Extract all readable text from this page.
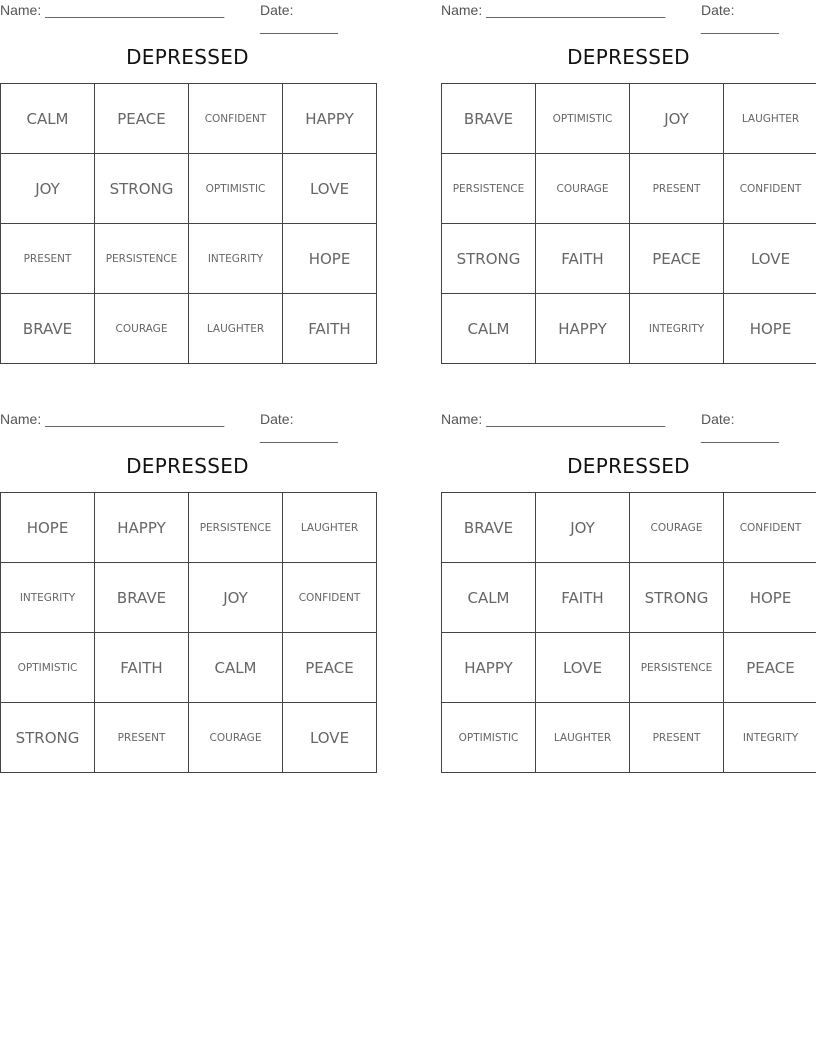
Name: _______________________	Date: __________
DEPRESSED
CALM	PEACE	CONFIDENT	HAPPY
JOY	STRONG	OPTIMISTIC	LOVE
PRESENT	PERSISTENCE	INTEGRITY	HOPE
BRAVE	COURAGE	LAUGHTER	FAITH
Name: _______________________	Date: __________
DEPRESSED
BRAVE	OPTIMISTIC	JOY	LAUGHTER
PERSISTENCE	COURAGE	PRESENT	CONFIDENT
STRONG	FAITH	PEACE	LOVE
CALM	HAPPY	INTEGRITY	HOPE
Name: _______________________	Date: __________
DEPRESSED
HOPE	HAPPY	PERSISTENCE	LAUGHTER
INTEGRITY	BRAVE	JOY	CONFIDENT
OPTIMISTIC	FAITH	CALM	PEACE
STRONG	PRESENT	COURAGE	LOVE
Name: _______________________	Date: __________
DEPRESSED
BRAVE	JOY	COURAGE	CONFIDENT
CALM	FAITH	STRONG	HOPE
HAPPY	LOVE	PERSISTENCE	PEACE
OPTIMISTIC	LAUGHTER	PRESENT	INTEGRITY
